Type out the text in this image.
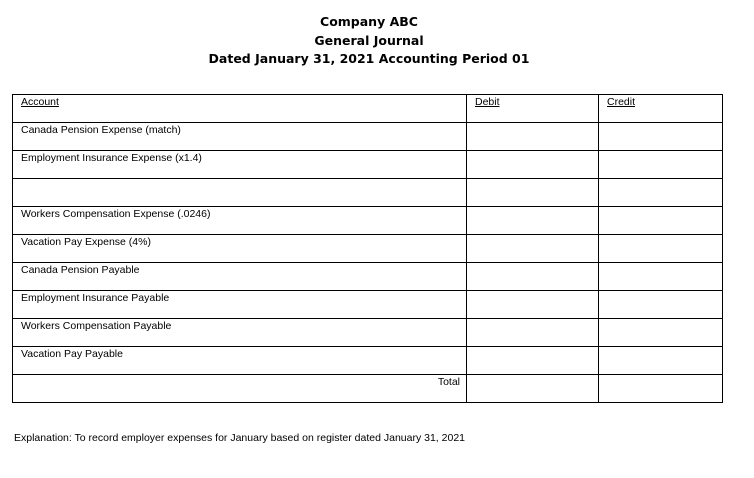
Company ABC
General Journal
Dated January 31, 2021 Accounting Period 01
Account	Debit	Credit

Canada Pension Expense (match)		

Employment Insurance Expense (x1.4)		

Workers Compensation Expense (.0246)		

Vacation Pay Expense (4%)		

Canada Pension Payable		

Employment Insurance Payable		

Workers Compensation Payable		

Vacation Pay Payable		

Total		

Explanation: To record employer expenses for January based on register dated January 31, 2021
